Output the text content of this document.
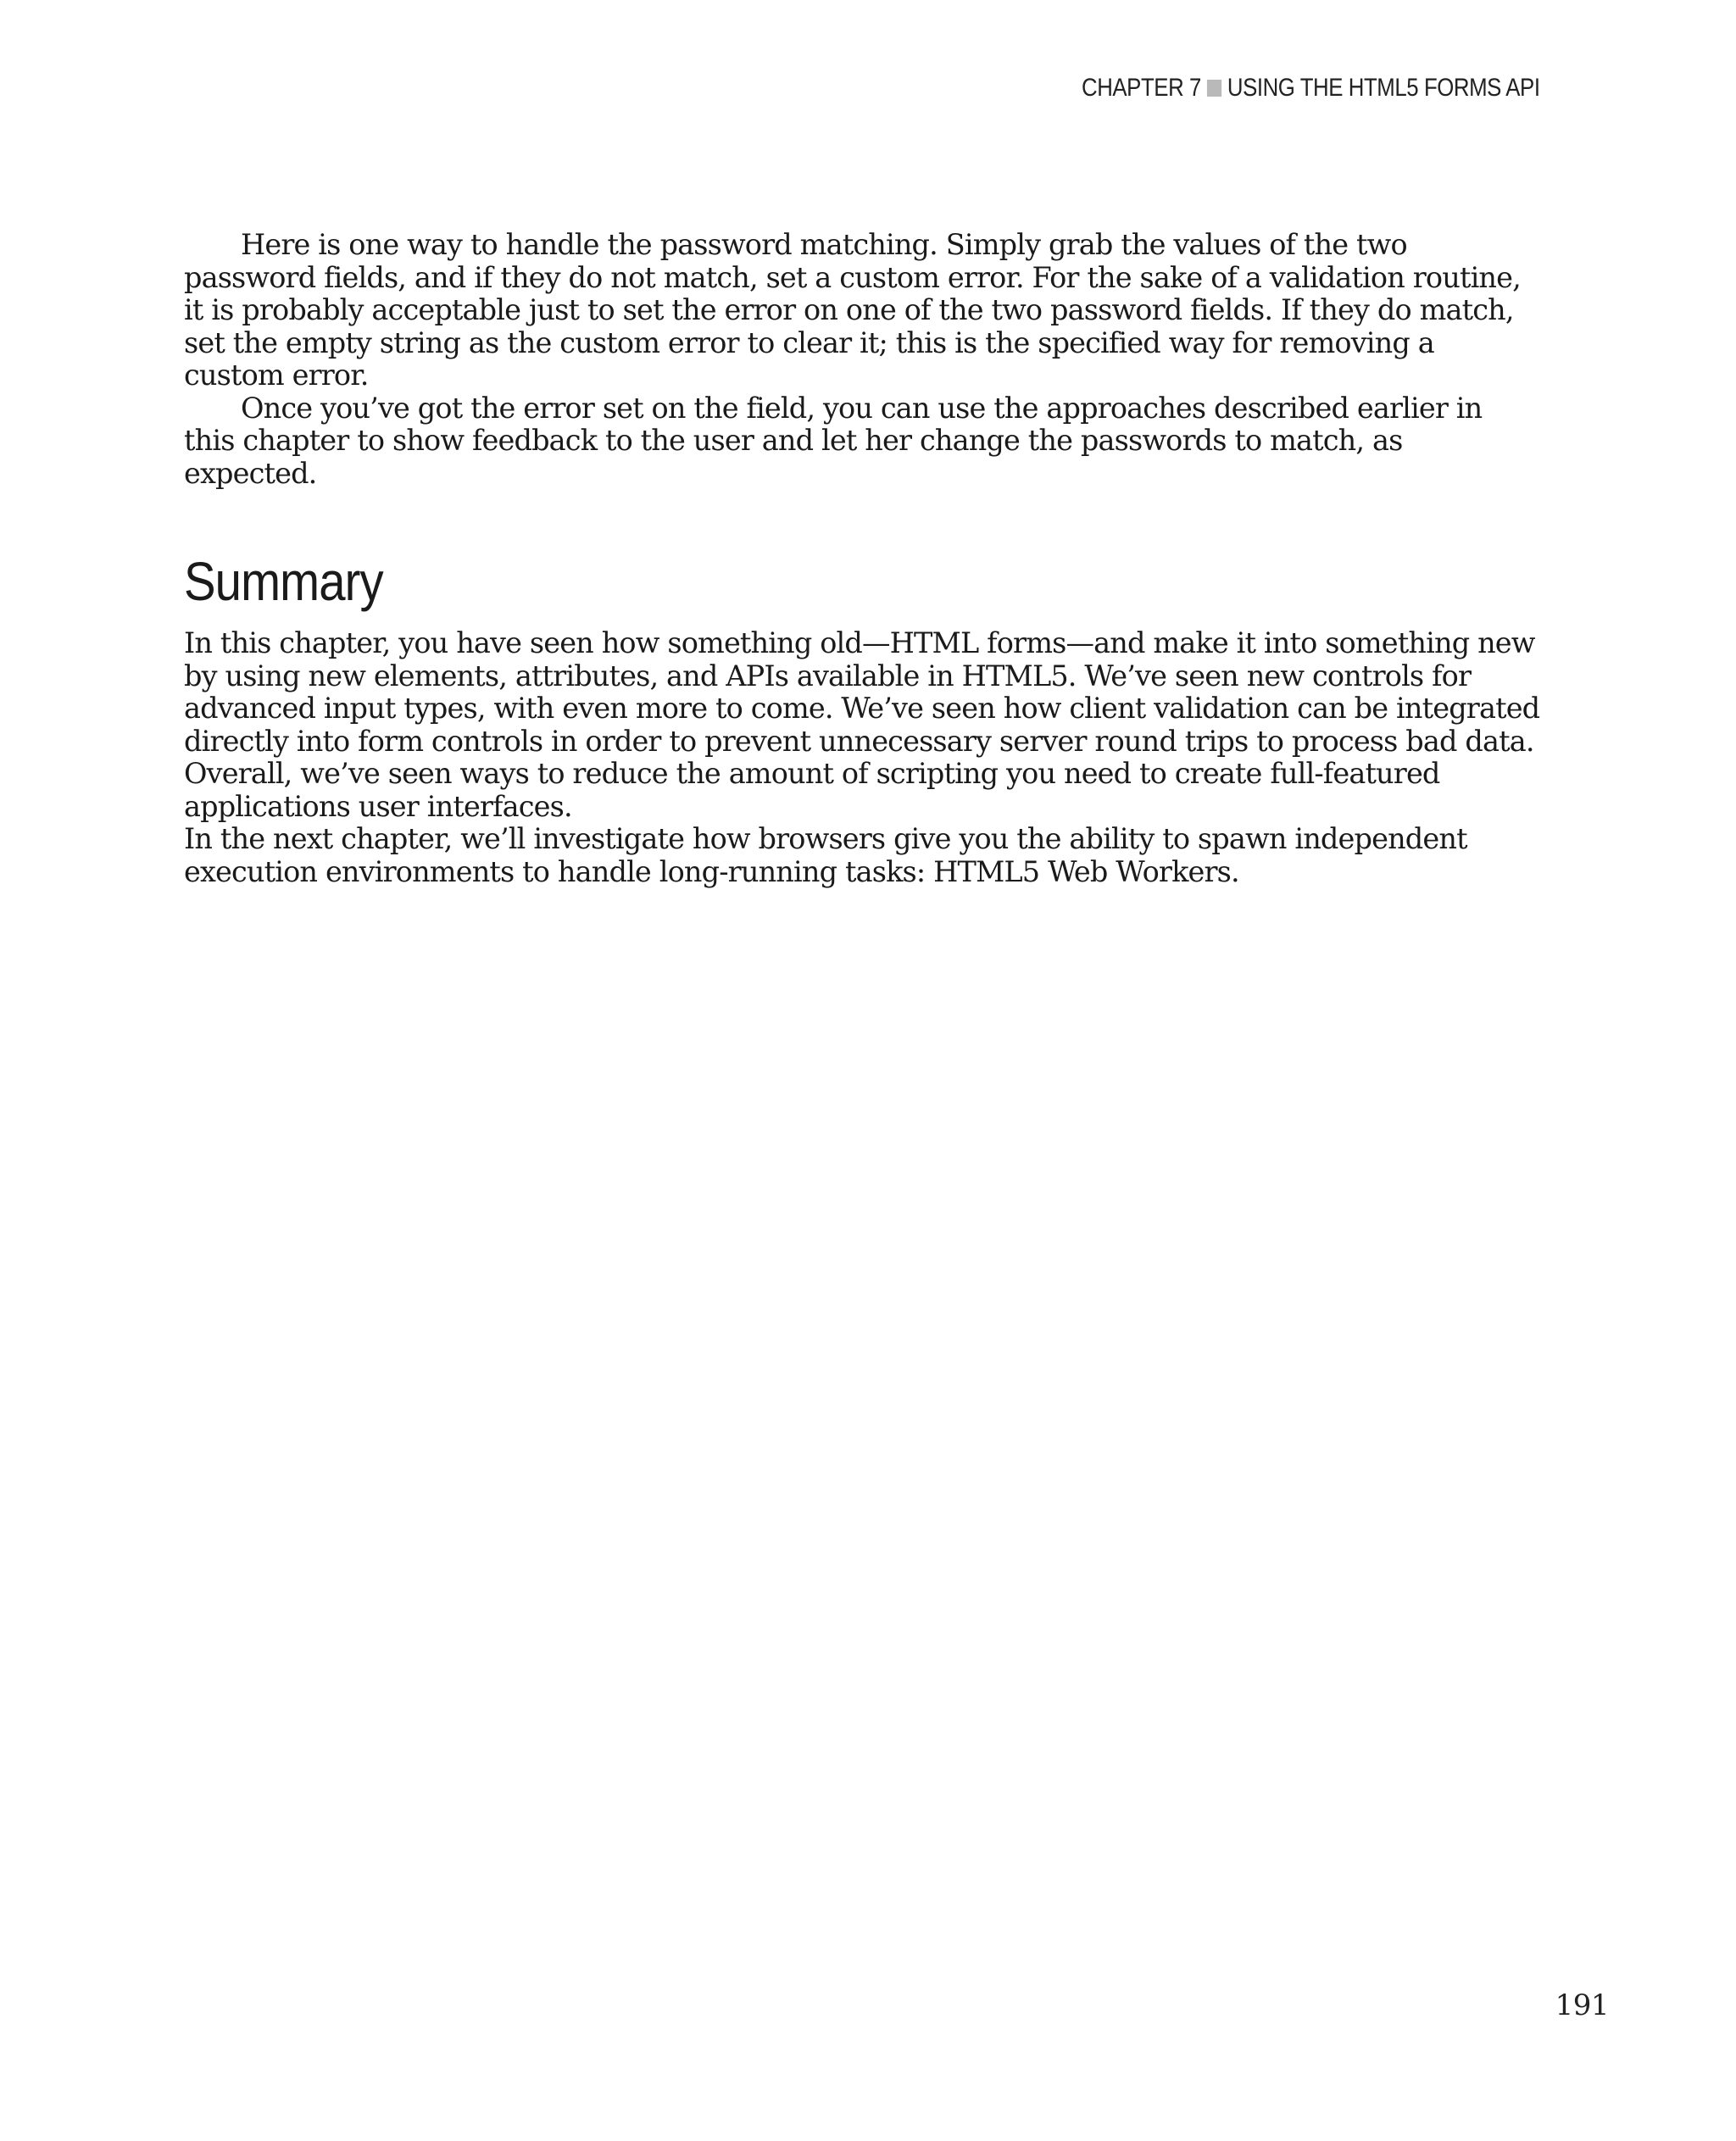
CHAPTER 7 USING THE HTML5 FORMS API

Here is one way to handle the password matching. Simply grab the values of the two password fields, and if they do not match, set a custom error. For the sake of a validation routine, it is probably acceptable just to set the error on one of the two password fields. If they do match, set the empty string as the custom error to clear it; this is the specified way for removing a custom error.

Once you’ve got the error set on the field, you can use the approaches described earlier in this chapter to show feedback to the user and let her change the passwords to match, as expected.

Summary

In this chapter, you have seen how something old—HTML forms—and make it into something new by using new elements, attributes, and APIs available in HTML5. We’ve seen new controls for advanced input types, with even more to come. We’ve seen how client validation can be integrated directly into form controls in order to prevent unnecessary server round trips to process bad data. Overall, we’ve seen ways to reduce the amount of scripting you need to create full-featured applications user interfaces.

In the next chapter, we’ll investigate how browsers give you the ability to spawn independent execution environments to handle long-running tasks: HTML5 Web Workers.

191
